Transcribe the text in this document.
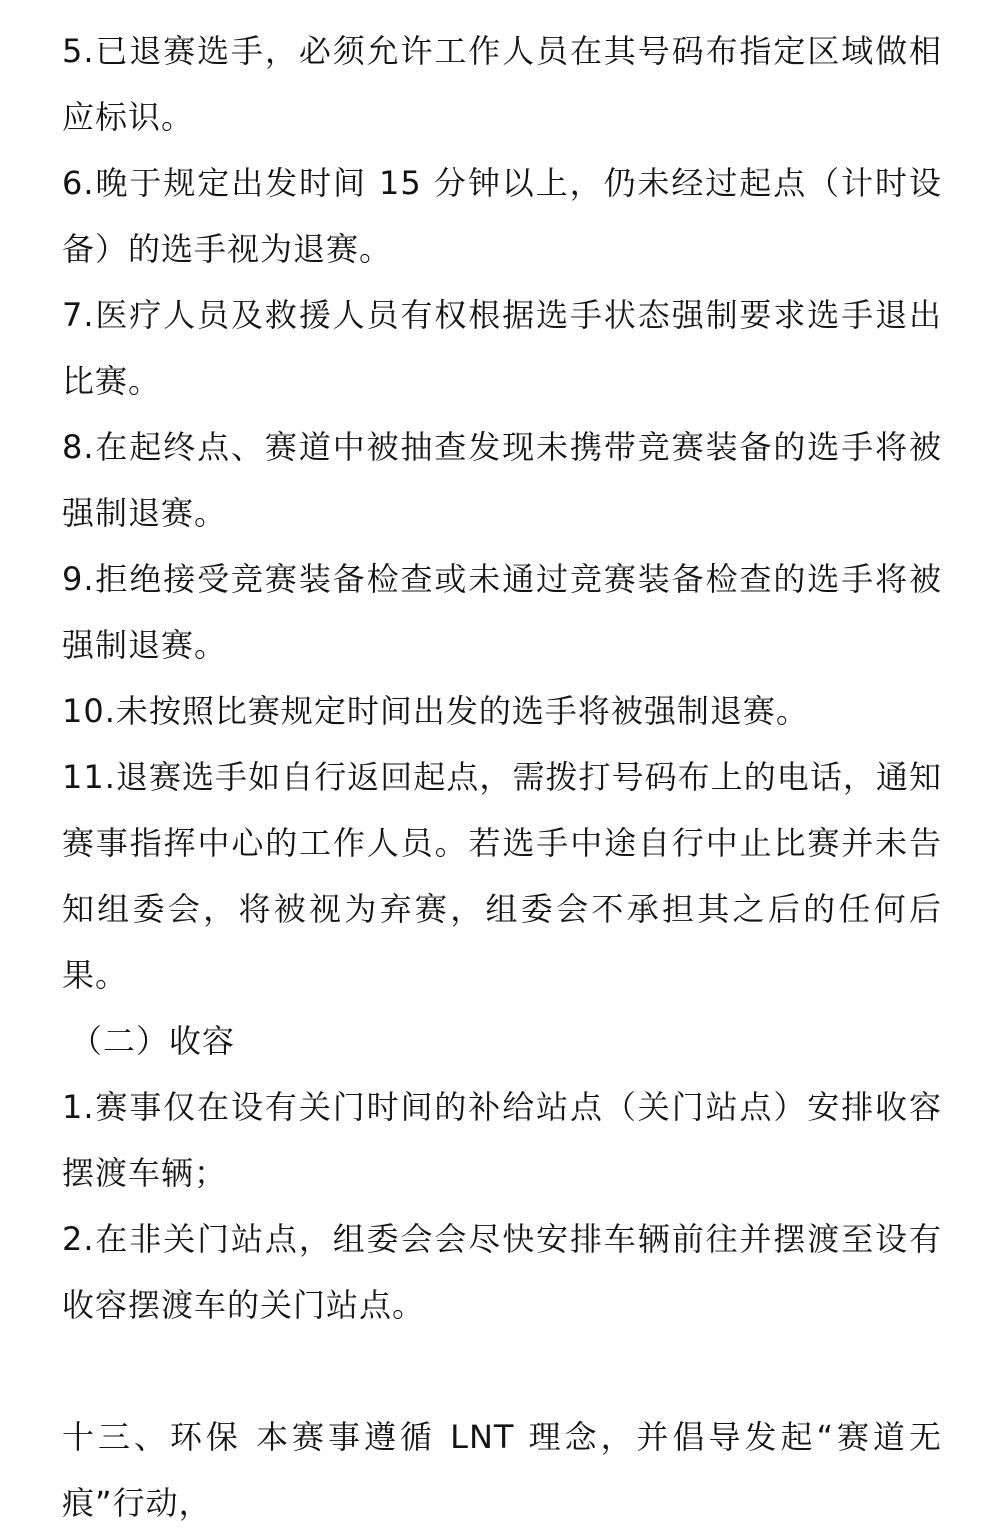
5.已退赛选手，必须允许工作人员在其号码布指定区域做相应标识。

6.晚于规定出发时间 15 分钟以上，仍未经过起点（计时设备）的选手视为退赛。

7.医疗人员及救援人员有权根据选手状态强制要求选手退出比赛。

8.在起终点、赛道中被抽查发现未携带竞赛装备的选手将被强制退赛。

9.拒绝接受竞赛装备检查或未通过竞赛装备检查的选手将被强制退赛。

10.未按照比赛规定时间出发的选手将被强制退赛。

11.退赛选手如自行返回起点，需拨打号码布上的电话，通知赛事指挥中心的工作人员。若选手中途自行中止比赛并未告知组委会，将被视为弃赛，组委会不承担其之后的任何后果。

（二）收容

1.赛事仅在设有关门时间的补给站点（关门站点）安排收容摆渡车辆；

2.在非关门站点，组委会会尽快安排车辆前往并摆渡至设有收容摆渡车的关门站点。

十三、环保 本赛事遵循 LNT 理念，并倡导发起“赛道无痕”行动，
